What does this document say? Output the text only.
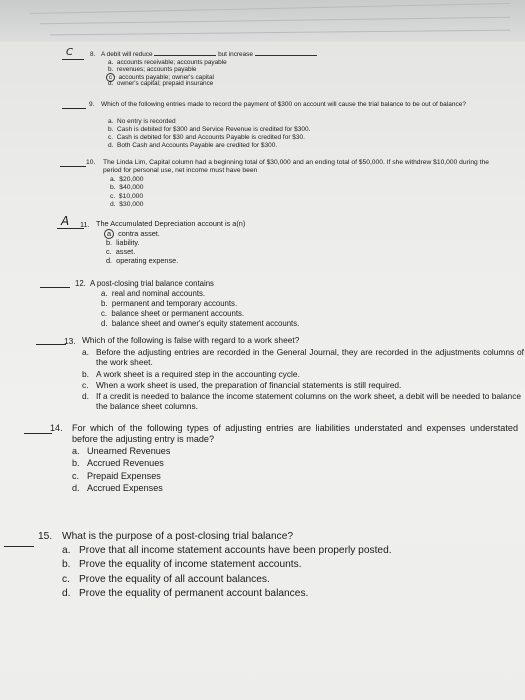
C	8. A debit will reduce	but increase
a. accounts receivable; accounts payable
b. revenues; accounts payable
c accounts payable; owner's capital
d. owner's capital; prepaid insurance
9. Which of the following entries made to record the payment of $300 on account will cause the trial balance to be out of balance?
a. No entry is recorded
b. Cash is debited for $300 and Service Revenue is credited for $300.
c. Cash is debited for $30 and Accounts Payable is credited for $30.
d. Both Cash and Accounts Payable are credited for $300.
10. The Linda Lim, Capital column had a beginning total of $30,000 and an ending total of $50,000. If she withdrew $10,000 during the period for personal use, net income must have been
a. $20,000
b. $40,000
c. $10,000
d. $30,000
A 11. The Accumulated Depreciation account is a(n)
a contra asset.
b. liability.
c. asset.
d. operating expense.
12. A post-closing trial balance contains
a. real and nominal accounts.
b. permanent and temporary accounts.
c. balance sheet or permanent accounts.
d. balance sheet and owner's equity statement accounts.
13. Which of the following is false with regard to a work sheet?
a. Before the adjusting entries are recorded in the General Journal, they are recorded in the adjustments columns of the work sheet.
b. A work sheet is a required step in the accounting cycle.
c. When a work sheet is used, the preparation of financial statements is still required.
d. If a credit is needed to balance the income statement columns on the work sheet, a debit will be needed to balance the balance sheet columns.
14. For which of the following types of adjusting entries are liabilities understated and expenses understated before the adjusting entry is made?
a. Unearned Revenues
b. Accrued Revenues
c. Prepaid Expenses
d. Accrued Expenses
15. What is the purpose of a post-closing trial balance?
a. Prove that all income statement accounts have been properly posted.
b. Prove the equality of income statement accounts.
c. Prove the equality of all account balances.
d. Prove the equality of permanent account balances.
